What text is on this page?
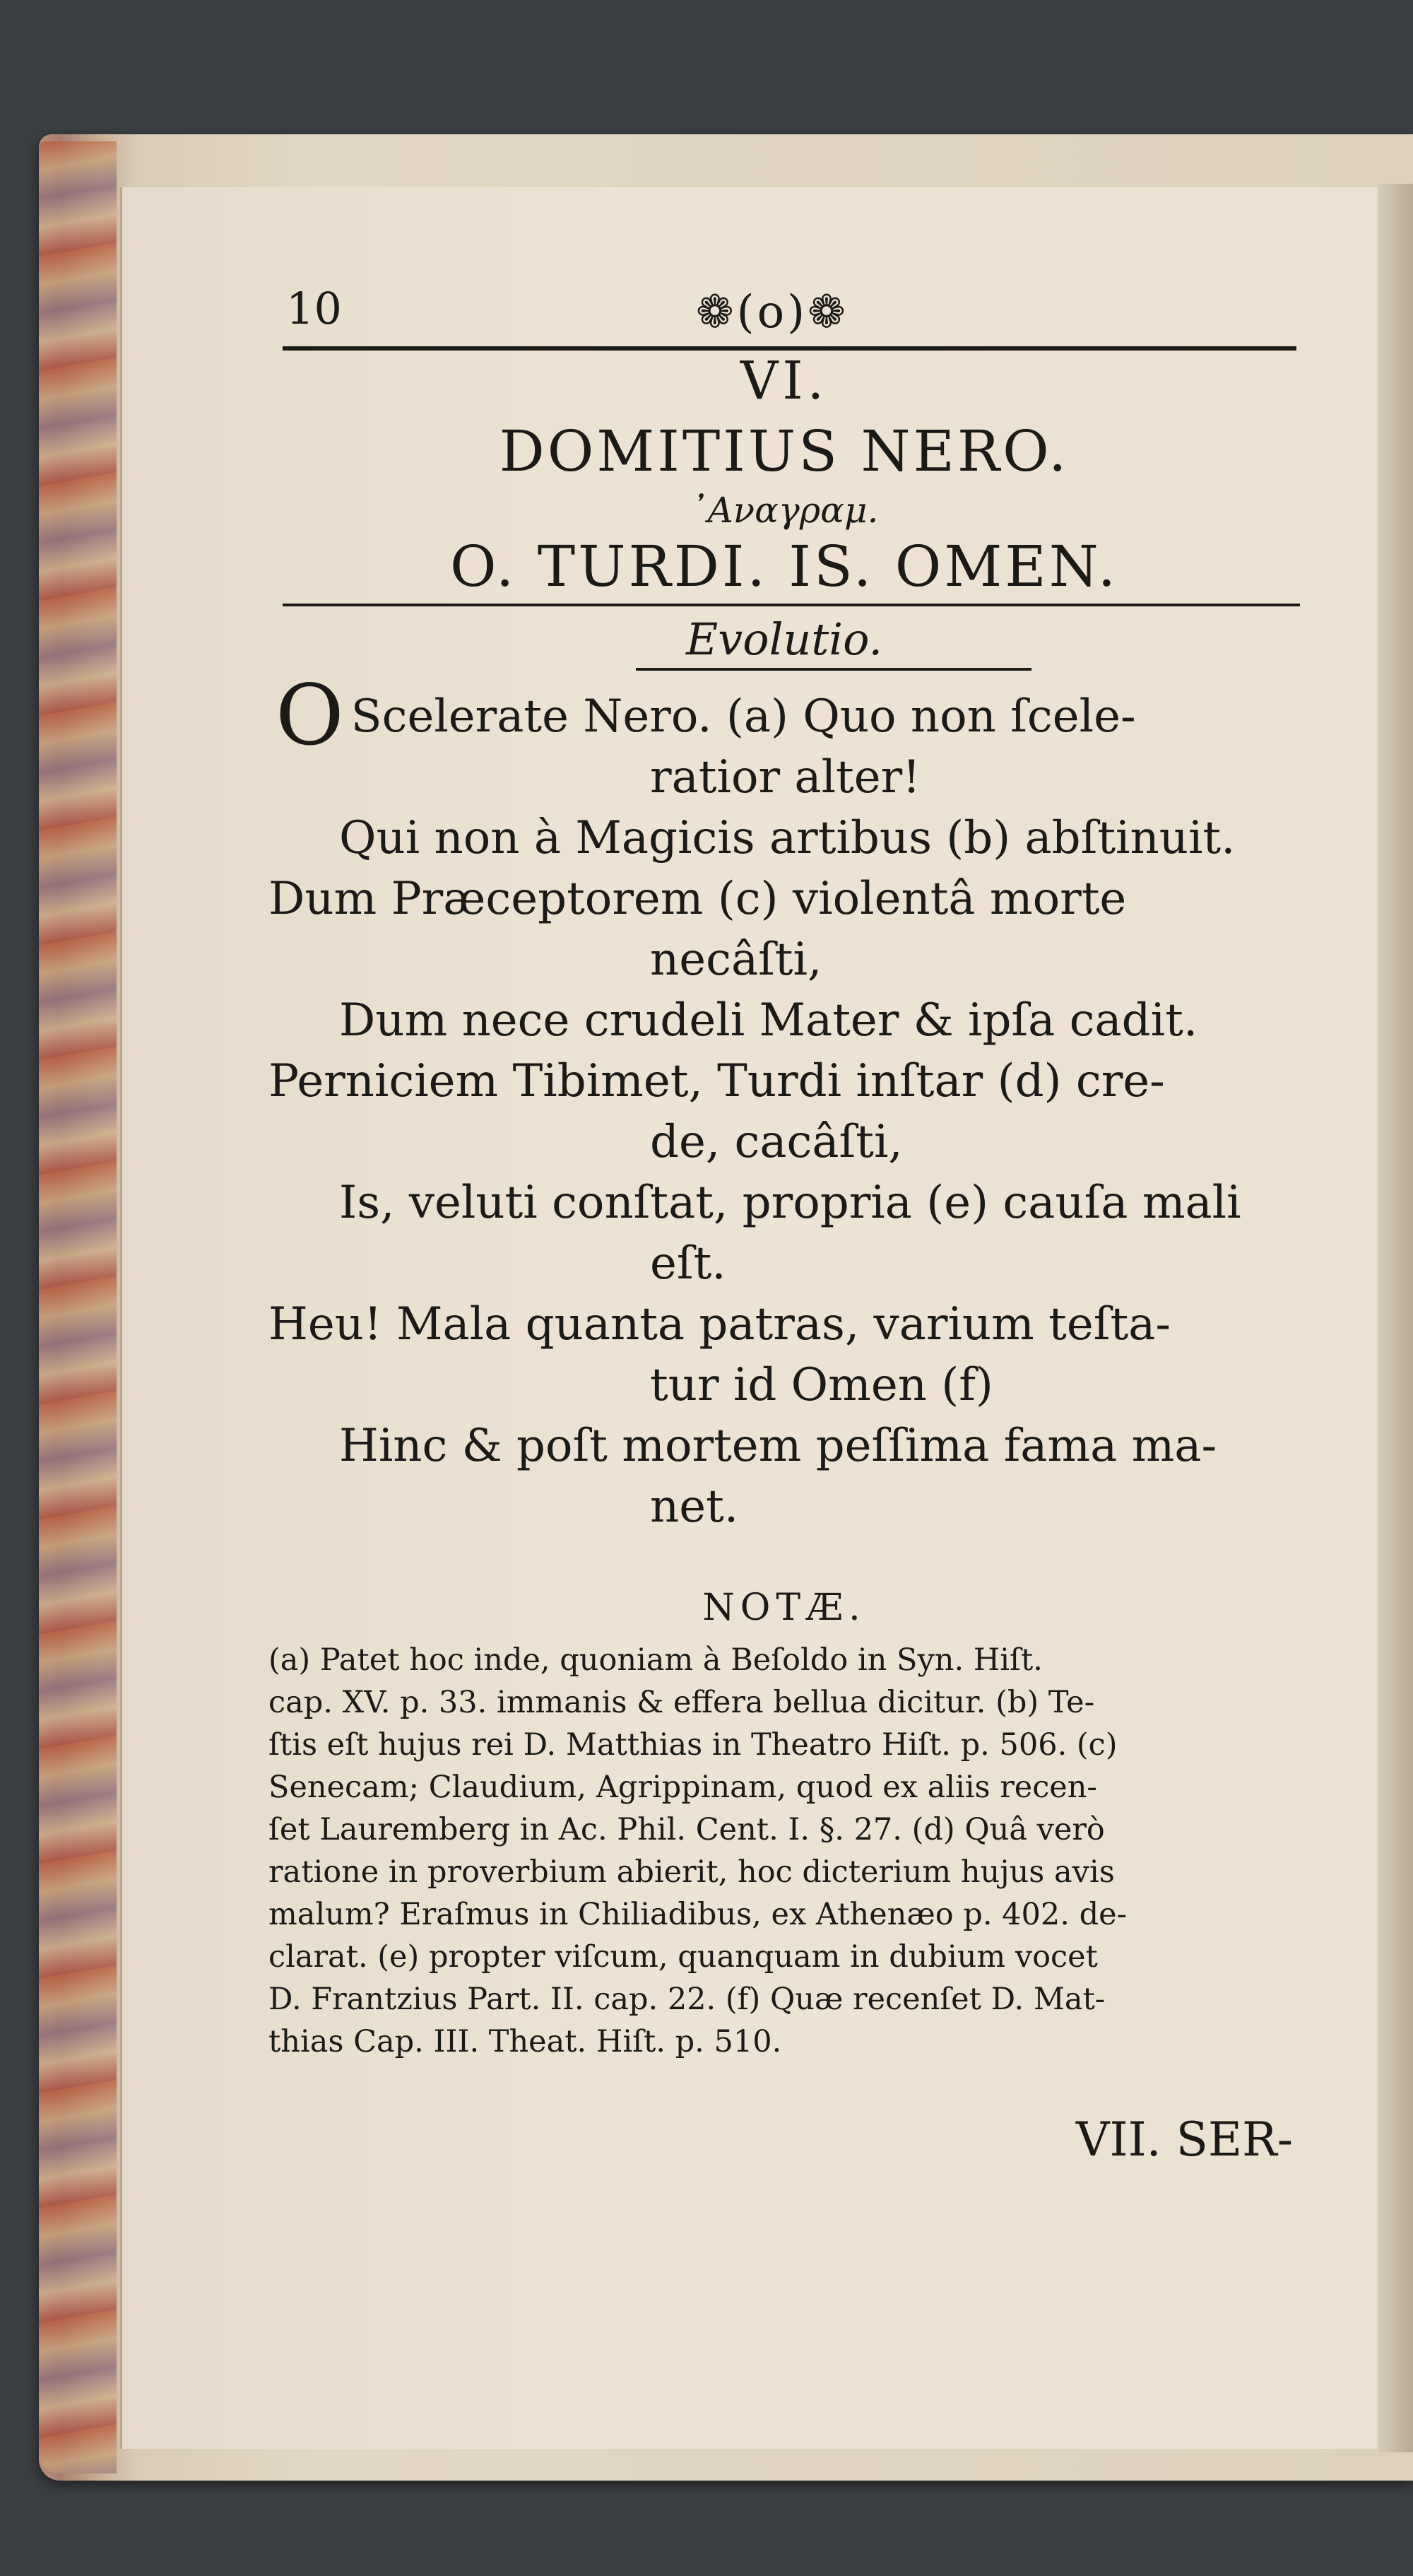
10	❁(o)❁
VI.
DOMITIUS NERO.
᾿Αναγραμ.
O. TURDI. IS. OMEN.
Evolutio.
O Scelerate Nero. (a) Quo non ſcele-
ratior alter!
Qui non à Magicis artibus (b) abſtinuit.
Dum Præceptorem (c) violentâ morte
necâſti,
Dum nece crudeli Mater & ipſa cadit.
Perniciem Tibimet, Turdi inſtar (d) cre-
de, cacâſti,
Is, veluti conſtat, propria (e) cauſa mali
eſt.
Heu! Mala quanta patras, varium teſta-
tur id Omen (f)
Hinc & poſt mortem peſſima fama ma-
net.
NOTÆ.
(a) Patet hoc inde, quoniam à Beſoldo in Syn. Hiſt.
cap. XV. p. 33. immanis & efferа bellua dicitur. (b) Te-
ſtis eſt hujus rei D. Matthias in Theatro Hiſt. p. 506. (c)
Senecam; Claudium, Agrippinam, quod ex aliis recen-
ſet Lauremberg in Ac. Phil. Cent. I. §. 27. (d) Quâ verò
ratione in proverbium abierit, hoc dicterium hujus avis
malum? Eraſmus in Chiliadibus, ex Athenæo p. 402. de-
clarat. (e) propter viſcum, quanquam in dubium vocet
D. Frantzius Part. II. cap. 22. (f) Quæ recenſet D. Mat-
thias Cap. III. Theat. Hiſt. p. 510.
VII. SER-
